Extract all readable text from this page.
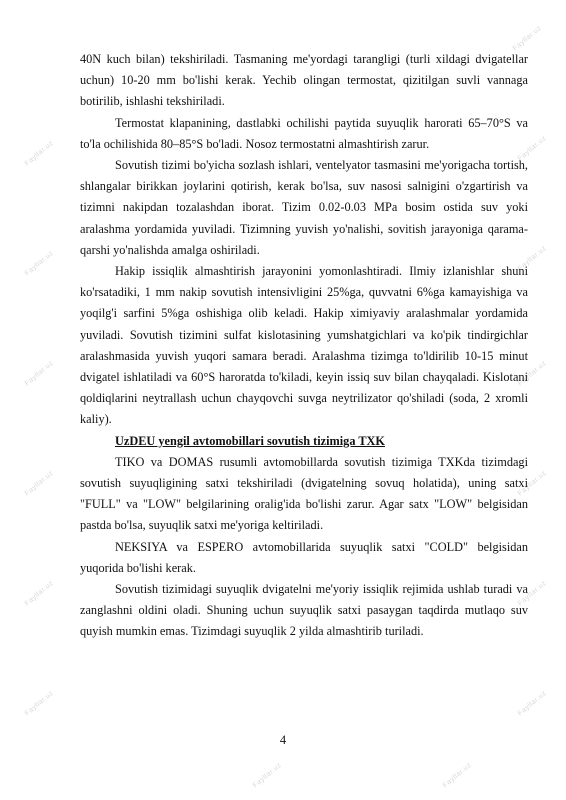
Fayllar.uz
Fayllar.uz	Fayllar.uz
Fayllar.uz	Fayllar.uz
Fayllar.uz	Fayllar.uz
Fayllar.uz	Fayllar.uz
Fayllar.uz	Fayllar.uz
Fayllar.uz	Fayllar.uz
Fayllar.uz	Fayllar.uz

40N kuch bilan) tekshiriladi. Tasmaning me'yordagi tarangligi (turli xildagi dvigatellar uchun) 10-20 mm bo'lishi kerak. Yechib olingan termostat, qizitilgan suvli vannaga botirilib, ishlashi tekshiriladi.

Termostat klapanining, dastlabki ochilishi paytida suyuqlik harorati 65–70°S va to'la ochilishida 80–85°S bo'ladi. Nosoz termostatni almashtirish zarur.

Sovutish tizimi bo'yicha sozlash ishlari, ventelyator tasmasini me'yorigacha tortish, shlangalar birikkan joylarini qotirish, kerak bo'lsa, suv nasosi salnigini o'zgartirish va tizimni nakipdan tozalashdan iborat. Tizim 0.02-0.03 MPa bosim ostida suv yoki aralashma yordamida yuviladi. Tizimning yuvish yo'nalishi, sovitish jarayoniga qarama-qarshi yo'nalishda amalga oshiriladi.

Hakip issiqlik almashtirish jarayonini yomonlashtiradi. Ilmiy izlanishlar shuni ko'rsatadiki, 1 mm nakip sovutish intensivligini 25%ga, quvvatni 6%ga kamayishiga va yoqilg'i sarfini 5%ga oshishiga olib keladi. Hakip ximiyaviy aralashmalar yordamida yuviladi. Sovutish tizimini sulfat kislotasining yumshatgichlari va ko'pik tindirgichlar aralashmasida yuvish yuqori samara beradi. Aralashma tizimga to'ldirilib 10-15 minut dvigatel ishlatiladi va 60°S haroratda to'kiladi, keyin issiq suv bilan chayqaladi. Kislotani qoldiqlarini neytrallash uchun chayqovchi suvga neytrilizator qo'shiladi (soda, 2 xromli kaliy).

UzDEU yengil avtomobillari sovutish tizimiga TXK

TIKO va DOMAS rusumli avtomobillarda sovutish tizimiga TXKda tizimdagi sovutish suyuqligining satxi tekshiriladi (dvigatelning sovuq holatida), uning satxi "FULL" va "LOW" belgilarining oralig'ida bo'lishi zarur. Agar satx "LOW" belgisidan pastda bo'lsa, suyuqlik satxi me'yoriga keltiriladi.

NEKSIYA va ESPERO avtomobillarida suyuqlik satxi "COLD" belgisidan yuqorida bo'lishi kerak.

Sovutish tizimidagi suyuqlik dvigatelni me'yoriy issiqlik rejimida ushlab turadi va zanglashni oldini oladi. Shuning uchun suyuqlik satxi pasaygan taqdirda mutlaqo suv quyish mumkin emas. Tizimdagi suyuqlik 2 yilda almashtirib turiladi.

4
